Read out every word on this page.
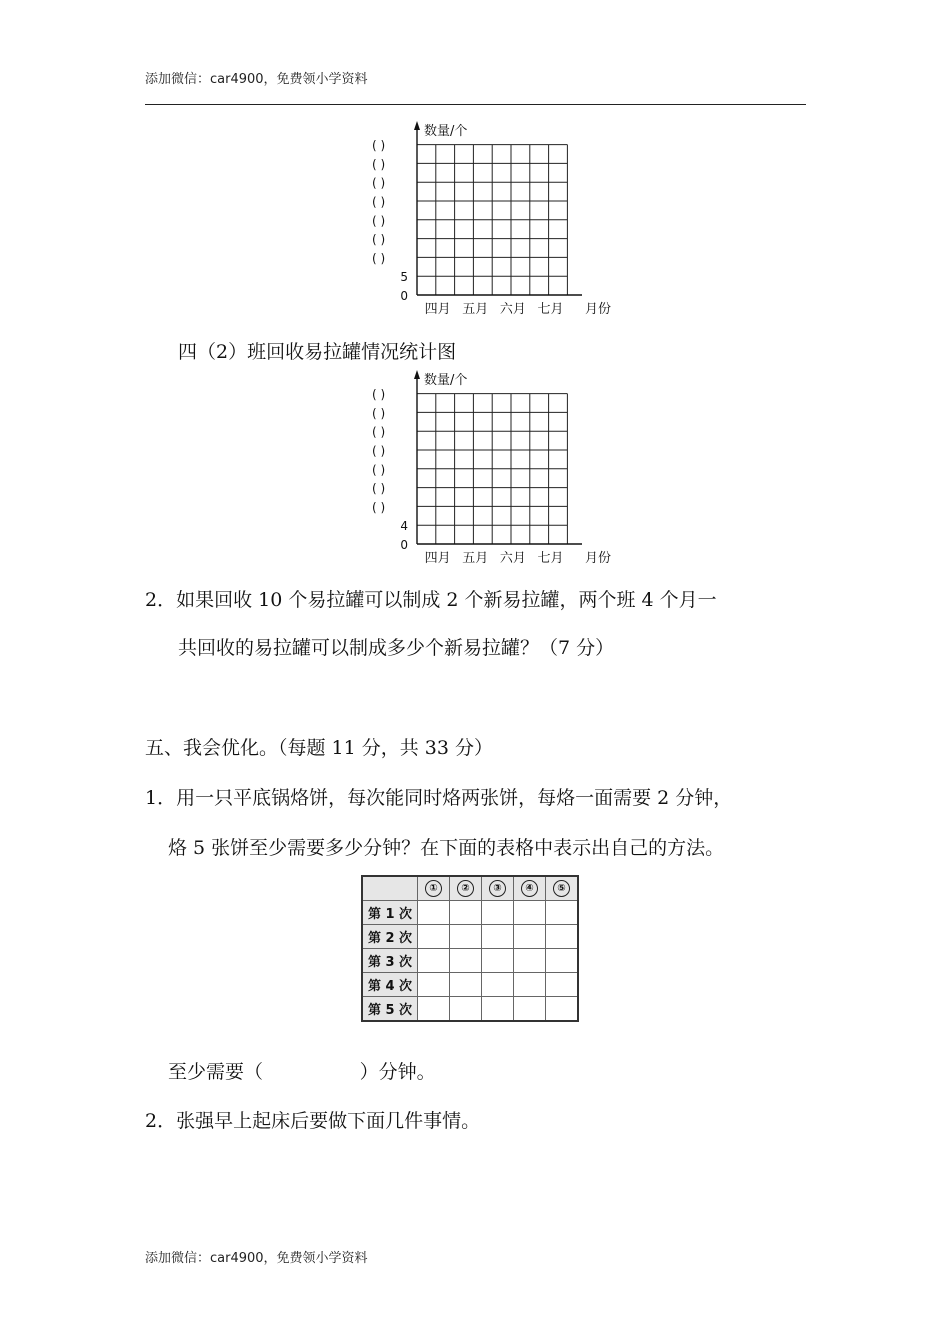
添加微信：car4900，免费领小学资料
数量/个
0
5
( )
( )
( )
( )
( )
( )
( )
四月 五月 六月 七月 月份
四（2）班回收易拉罐情况统计图
数量/个
0
4
( )
( )
( )
( )
( )
( )
( )
四月 五月 六月 七月 月份
2．如果回收 10 个易拉罐可以制成 2 个新易拉罐，两个班 4 个月一
共回收的易拉罐可以制成多少个新易拉罐？（7 分）
五、我会优化。（每题 11 分，共 33 分）
1．用一只平底锅烙饼，每次能同时烙两张饼，每烙一面需要 2 分钟，
烙 5 张饼至少需要多少分钟？在下面的表格中表示出自己的方法。
	①	②	③	④	⑤
第 1 次					
第 2 次					
第 3 次					
第 4 次					
第 5 次					
至少需要（                ）分钟。
2．张强早上起床后要做下面几件事情。
添加微信：car4900，免费领小学资料
